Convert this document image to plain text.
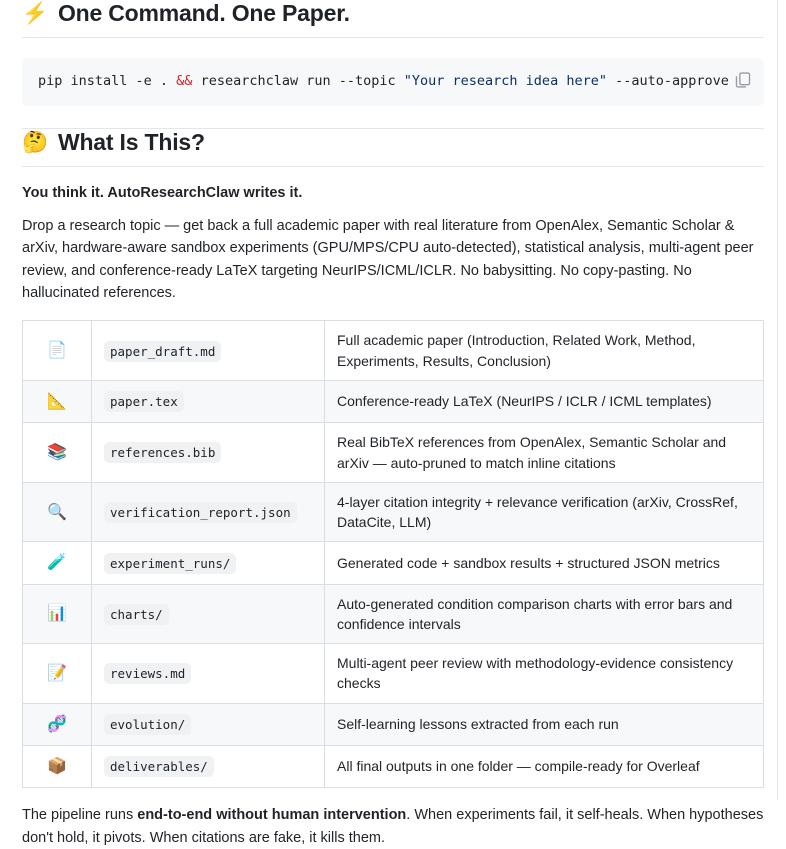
⚡ One Command. One Paper.
pip install -e . && researchclaw run --topic "Your research idea here" --auto-approve
🤔 What Is This?

You think it. AutoResearchClaw writes it.

Drop a research topic — get back a full academic paper with real literature from OpenAlex, Semantic Scholar & arXiv, hardware-aware sandbox experiments (GPU/MPS/CPU auto-detected), statistical analysis, multi-agent peer review, and conference-ready LaTeX targeting NeurIPS/ICML/ICLR. No babysitting. No copy-pasting. No hallucinated references.

📄	paper_draft.md	Full academic paper (Introduction, Related Work, Method, Experiments, Results, Conclusion)
📐	paper.tex	Conference-ready LaTeX (NeurIPS / ICLR / ICML templates)
📚	references.bib	Real BibTeX references from OpenAlex, Semantic Scholar and arXiv — auto-pruned to match inline citations
🔍	verification_report.json	4-layer citation integrity + relevance verification (arXiv, CrossRef, DataCite, LLM)
🧪	experiment_runs/	Generated code + sandbox results + structured JSON metrics
📊	charts/	Auto-generated condition comparison charts with error bars and confidence intervals
📝	reviews.md	Multi-agent peer review with methodology-evidence consistency checks
🧬	evolution/	Self-learning lessons extracted from each run
📦	deliverables/	All final outputs in one folder — compile-ready for Overleaf

The pipeline runs end-to-end without human intervention. When experiments fail, it self-heals. When hypotheses don't hold, it pivots. When citations are fake, it kills them.
